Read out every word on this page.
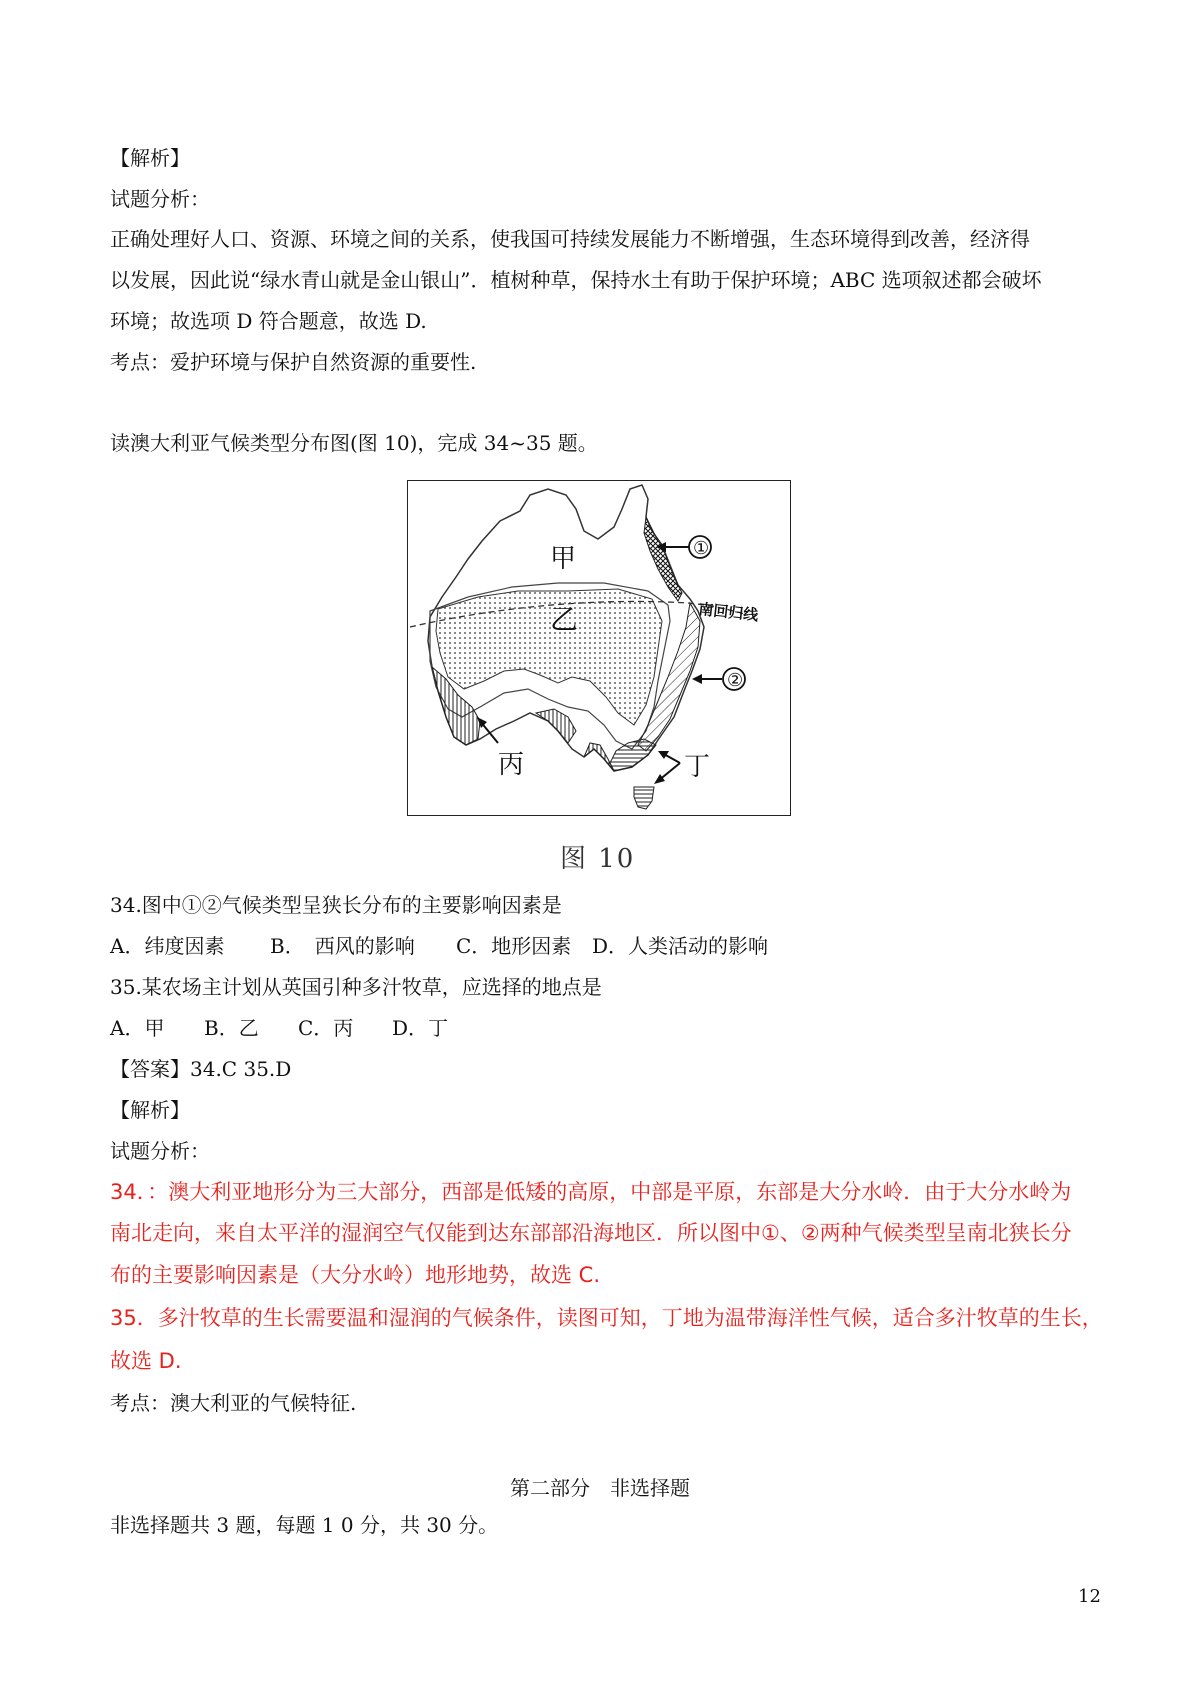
【解析】
试题分析：
正确处理好人口、资源、环境之间的关系，使我国可持续发展能力不断增强，生态环境得到改善，经济得
以发展，因此说“绿水青山就是金山银山”．植树种草，保持水土有助于保护环境；ABC 选项叙述都会破坏
环境；故选项 D 符合题意，故选 D.
考点：爱护环境与保护自然资源的重要性.
读澳大利亚气候类型分布图(图 10)，完成 34~35 题。
甲
乙
丙	丁
①
②
南回归线
图 10
34.图中①②气候类型呈狭长分布的主要影响因素是
A．纬度因素 B．　西风的影响 C．地形因素 D．人类活动的影响
35.某农场主计划从英国引种多汁牧草，应选择的地点是
A．甲 B．乙 C．丙 D．丁
【答案】34.C 35.D
【解析】
试题分析：
34．：澳大利亚地形分为三大部分，西部是低矮的高原，中部是平原，东部是大分水岭．由于大分水岭为
南北走向，来自太平洋的湿润空气仅能到达东部部沿海地区．所以图中①、②两种气候类型呈南北狭长分
布的主要影响因素是（大分水岭）地形地势，故选 C.
35．多汁牧草的生长需要温和湿润的气候条件，读图可知，丁地为温带海洋性气候，适合多汁牧草的生长，
故选 D.
考点：澳大利亚的气候特征.
第二部分　非选择题
非选择题共 3 题，每题 1 0 分，共 30 分。
12
